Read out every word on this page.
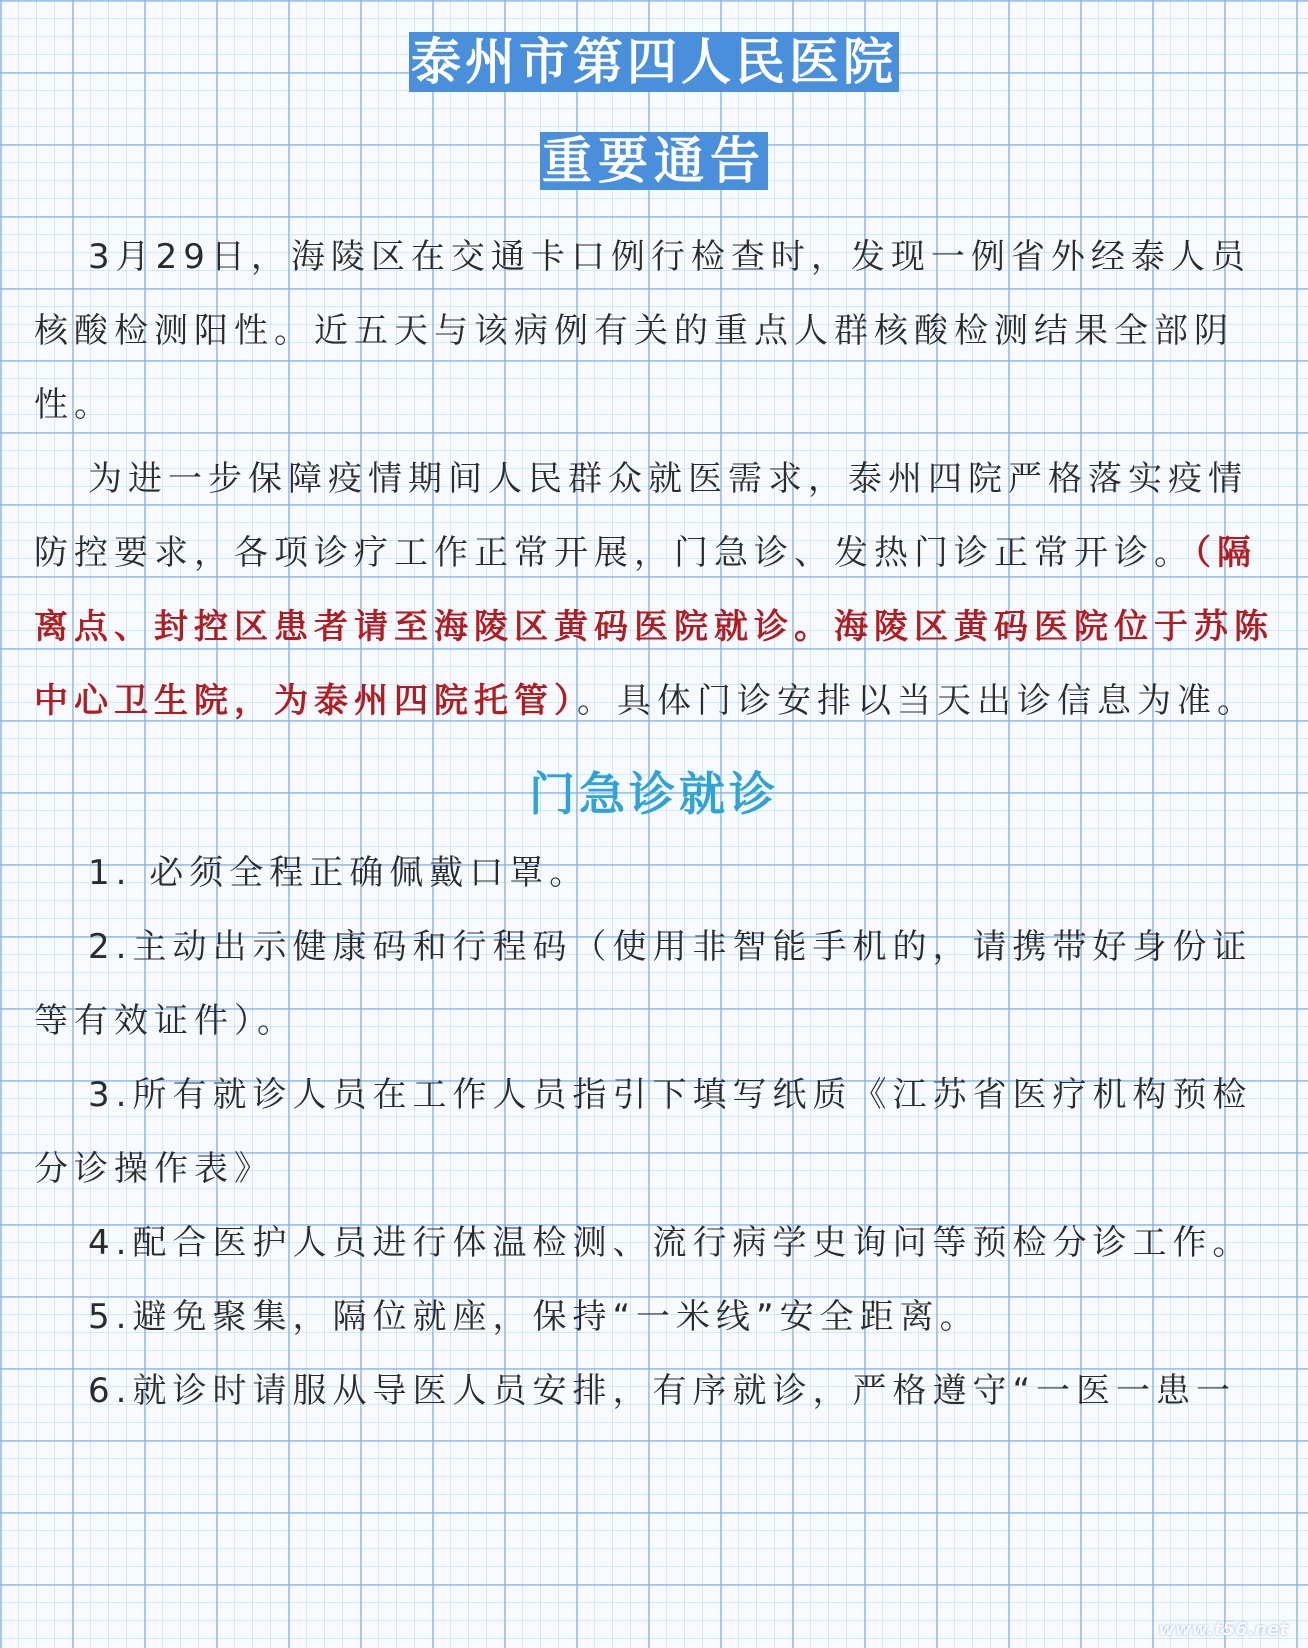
泰州市第四人民医院
重要通告

3月29日，海陵区在交通卡口例行检查时，发现一例省外经泰人员核酸检测阳性。近五天与该病例有关的重点人群核酸检测结果全部阴性。

为进一步保障疫情期间人民群众就医需求，泰州四院严格落实疫情防控要求，各项诊疗工作正常开展，门急诊、发热门诊正常开诊。（隔离点、封控区患者请至海陵区黄码医院就诊。海陵区黄码医院位于苏陈中心卫生院，为泰州四院托管）。具体门诊安排以当天出诊信息为准。

门急诊就诊

1. 必须全程正确佩戴口罩。

2.主动出示健康码和行程码（使用非智能手机的，请携带好身份证等有效证件）。

3.所有就诊人员在工作人员指引下填写纸质《江苏省医疗机构预检分诊操作表》

4.配合医护人员进行体温检测、流行病学史询问等预检分诊工作。

5.避免聚集，隔位就座，保持“一米线”安全距离。

6.就诊时请服从导医人员安排，有序就诊，严格遵守“一医一患一

www.t56.net
